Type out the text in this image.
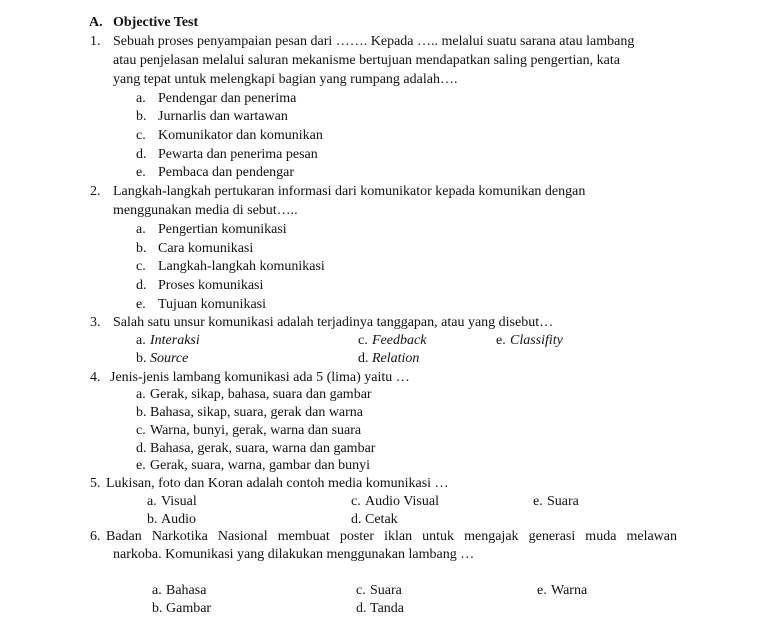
A. Objective Test
1. Sebuah proses penyampaian pesan dari ……. Kepada ….. melalui suatu sarana atau lambang
atau penjelasan melalui saluran mekanisme bertujuan mendapatkan saling pengertian, kata
yang tepat untuk melengkapi bagian yang rumpang adalah….
a. Pendengar dan penerima
b. Jurnarlis dan wartawan
c. Komunikator dan komunikan
d. Pewarta dan penerima pesan
e. Pembaca dan pendengar
2. Langkah-langkah pertukaran informasi dari komunikator kepada komunikan dengan
menggunakan media di sebut…..
a. Pengertian komunikasi
b. Cara komunikasi
c. Langkah-langkah komunikasi
d. Proses komunikasi
e. Tujuan komunikasi
3. Salah satu unsur komunikasi adalah terjadinya tanggapan, atau yang disebut…
a. Interaksi
b. Source
c. Feedback
d. Relation
e. Classifity
4. Jenis-jenis lambang komunikasi ada 5 (lima) yaitu …
a. Gerak, sikap, bahasa, suara dan gambar
b. Bahasa, sikap, suara, gerak dan warna
c. Warna, bunyi, gerak, warna dan suara
d. Bahasa, gerak, suara, warna dan gambar
e. Gerak, suara, warna, gambar dan bunyi
5. Lukisan, foto dan Koran adalah contoh media komunikasi …
a. Visual
b. Audio
c. Audio Visual
d. Cetak
e. Suara
6. Badan Narkotika Nasional membuat poster iklan untuk mengajak generasi muda melawan
narkoba. Komunikasi yang dilakukan menggunakan lambang …
a. Bahasa
b. Gambar
c. Suara
d. Tanda
e. Warna
